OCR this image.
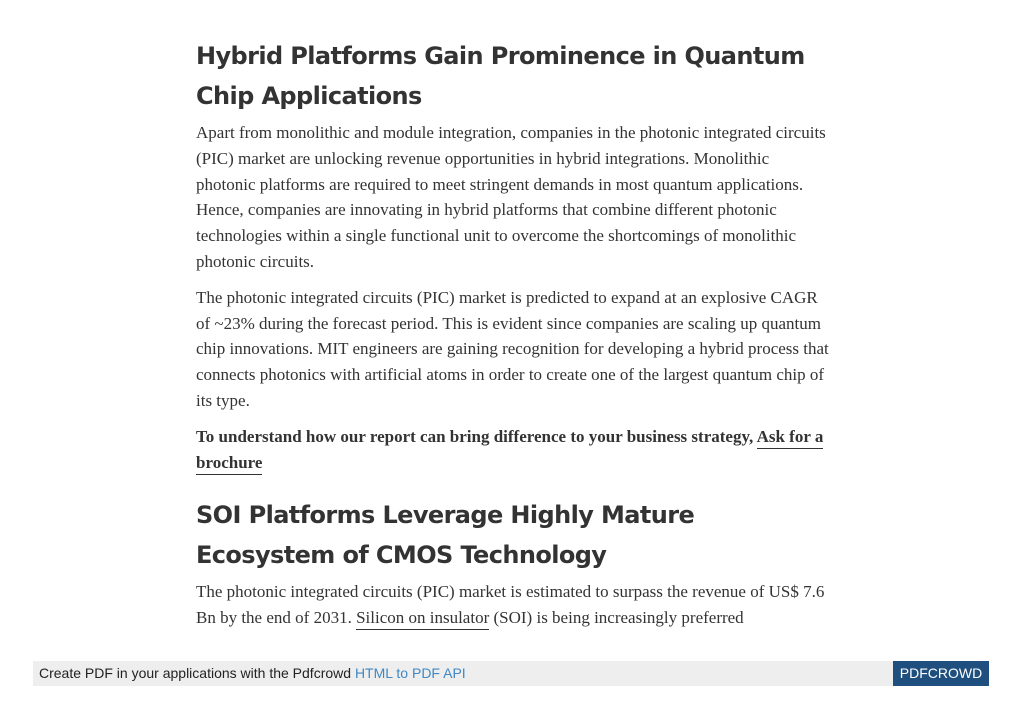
Hybrid Platforms Gain Prominence in Quantum Chip Applications

Apart from monolithic and module integration, companies in the photonic integrated circuits (PIC) market are unlocking revenue opportunities in hybrid integrations. Monolithic photonic platforms are required to meet stringent demands in most quantum applications. Hence, companies are innovating in hybrid platforms that combine different photonic technologies within a single functional unit to overcome the shortcomings of monolithic photonic circuits.

The photonic integrated circuits (PIC) market is predicted to expand at an explosive CAGR of ~23% during the forecast period. This is evident since companies are scaling up quantum chip innovations. MIT engineers are gaining recognition for developing a hybrid process that connects photonics with artificial atoms in order to create one of the largest quantum chip of its type.

To understand how our report can bring difference to your business strategy, Ask for a brochure

SOI Platforms Leverage Highly Mature Ecosystem of CMOS Technology

The photonic integrated circuits (PIC) market is estimated to surpass the revenue of US$ 7.6 Bn by the end of 2031. Silicon on insulator (SOI) is being increasingly preferred

Create PDF in your applications with the Pdfcrowd HTML to PDF API	PDFCROWD
